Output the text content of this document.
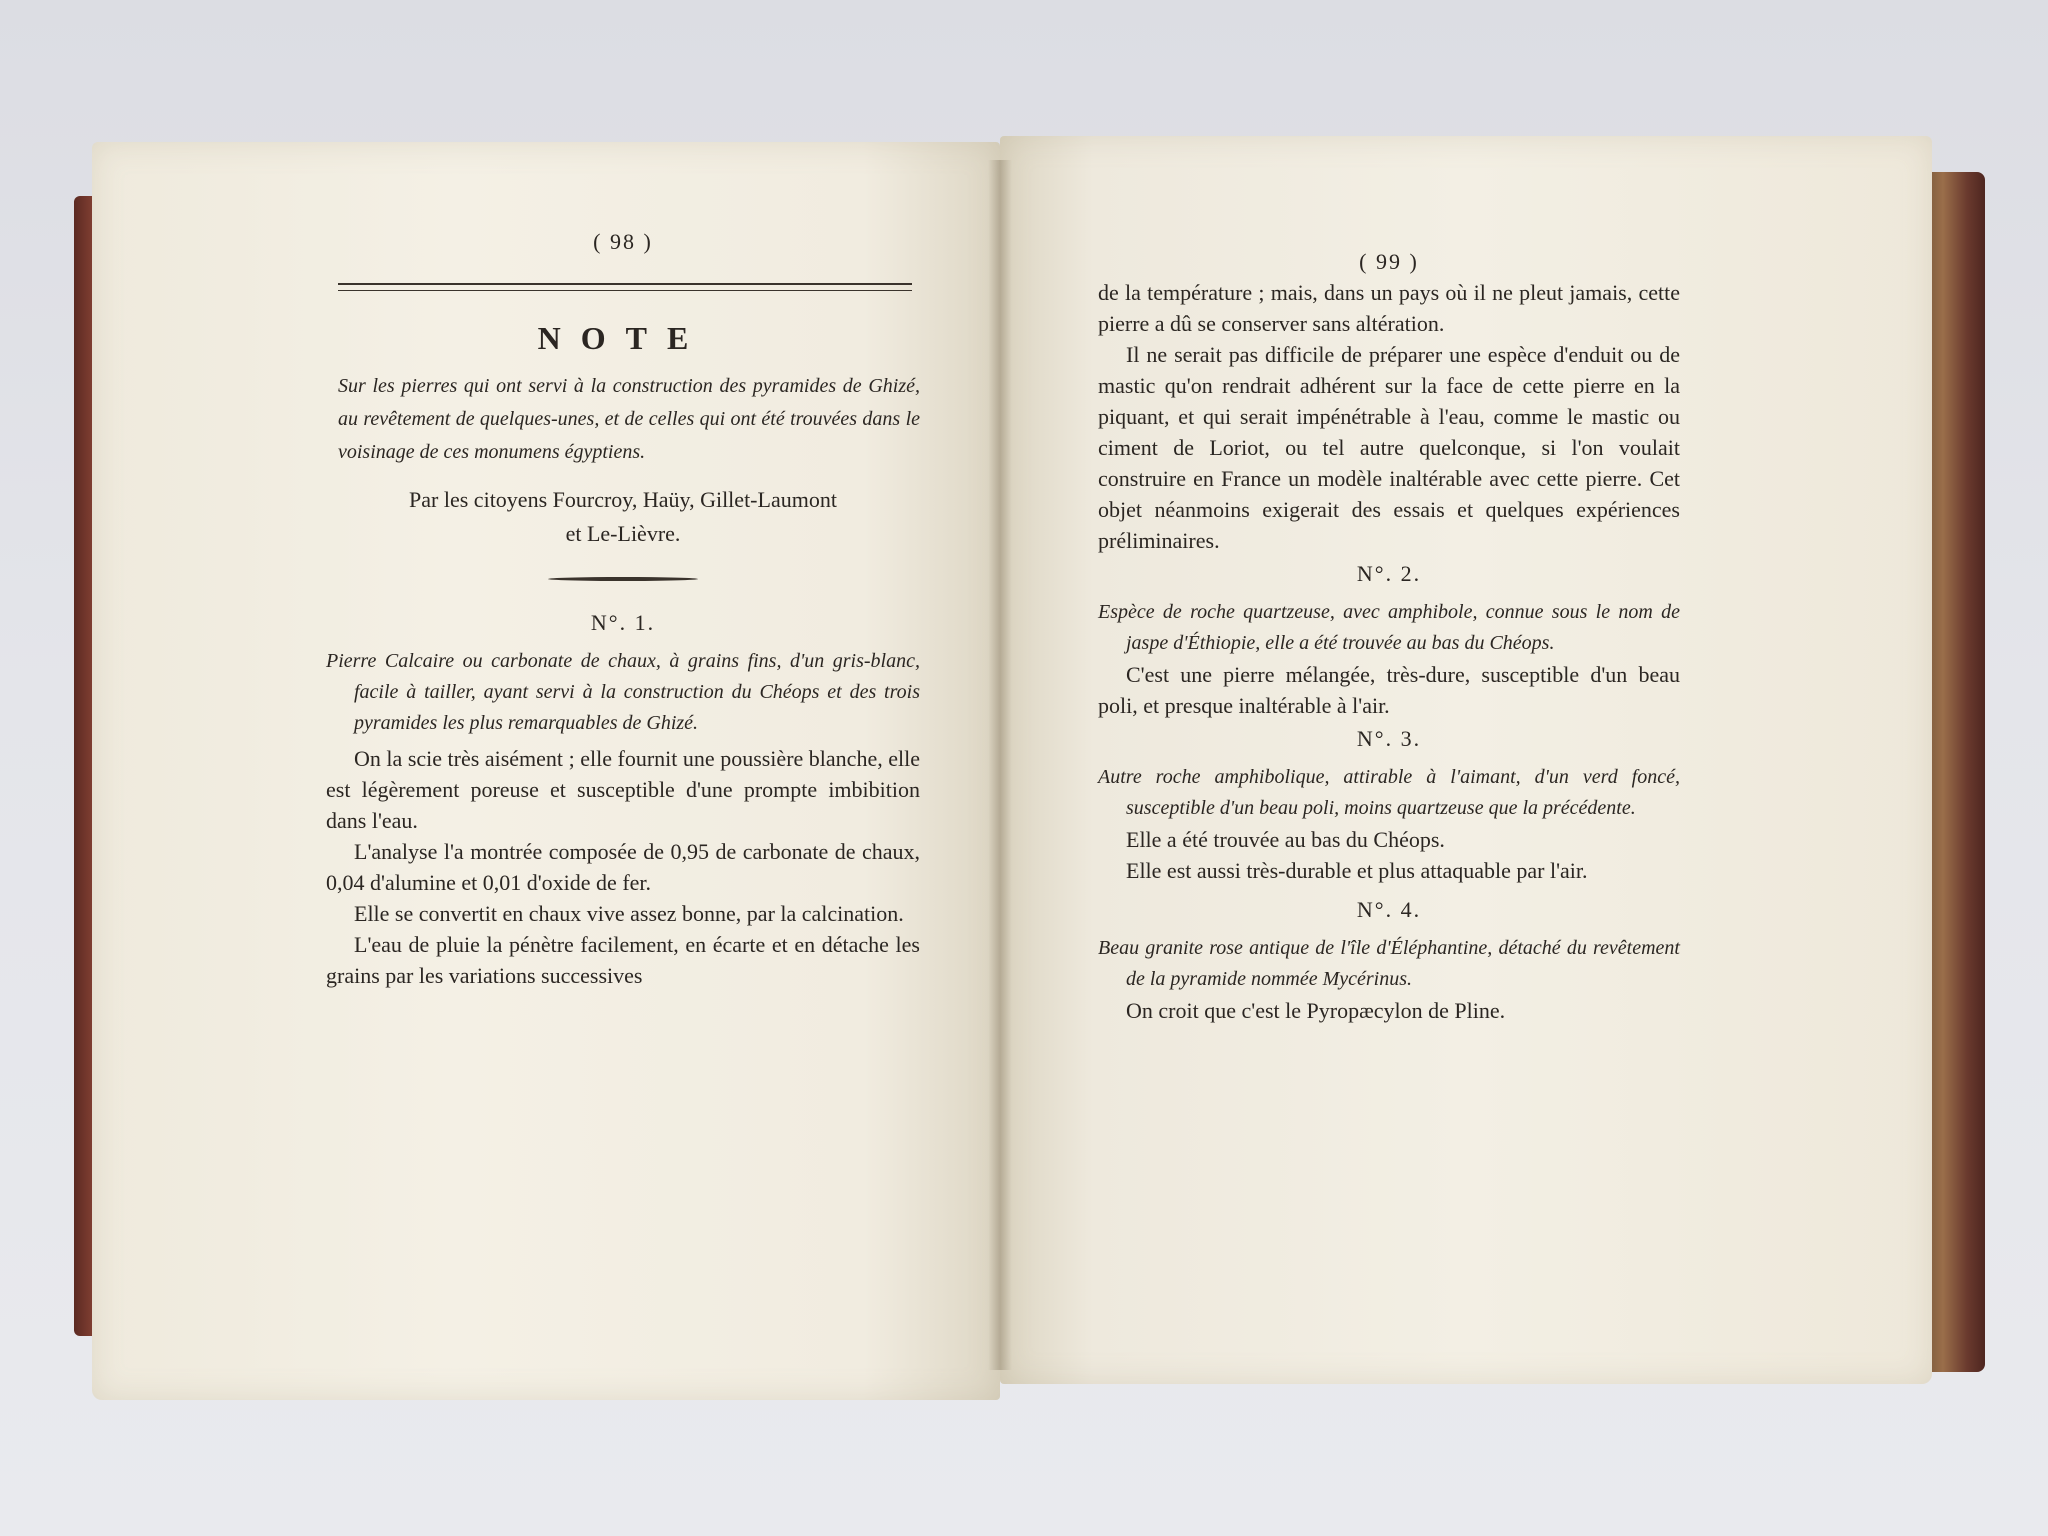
( 98 )
NOTE
Sur les pierres qui ont servi à la construction des pyramides de Ghizé, au revêtement de quelques-unes, et de celles qui ont été trouvées dans le voisinage de ces monumens égyptiens.
Par les citoyens Fourcroy, Haüy, Gillet-Laumont
et Le-Lièvre.
N°. 1.
Pierre Calcaire ou carbonate de chaux, à grains fins, d'un gris-blanc, facile à tailler, ayant servi à la construction du Chéops et des trois pyramides les plus remarquables de Ghizé.

On la scie très aisément ; elle fournit une poussière blanche, elle est légèrement poreuse et susceptible d'une prompte imbibition dans l'eau.

L'analyse l'a montrée composée de 0,95 de carbonate de chaux, 0,04 d'alumine et 0,01 d'oxide de fer.

Elle se convertit en chaux vive assez bonne, par la calcination.

L'eau de pluie la pénètre facilement, en écarte et en détache les grains par les variations successives

( 99 )

de la température ; mais, dans un pays où il ne pleut jamais, cette pierre a dû se conserver sans altération.

Il ne serait pas difficile de préparer une espèce d'enduit ou de mastic qu'on rendrait adhérent sur la face de cette pierre en la piquant, et qui serait impénétrable à l'eau, comme le mastic ou ciment de Loriot, ou tel autre quelconque, si l'on voulait construire en France un modèle inaltérable avec cette pierre. Cet objet néanmoins exigerait des essais et quelques expériences préliminaires.

N°. 2.
Espèce de roche quartzeuse, avec amphibole, connue sous le nom de jaspe d'Éthiopie, elle a été trouvée au bas du Chéops.

C'est une pierre mélangée, très-dure, susceptible d'un beau poli, et presque inaltérable à l'air.

N°. 3.
Autre roche amphibolique, attirable à l'aimant, d'un verd foncé, susceptible d'un beau poli, moins quartzeuse que la précédente.

Elle a été trouvée au bas du Chéops.

Elle est aussi très-durable et plus attaquable par l'air.

N°. 4.
Beau granite rose antique de l'île d'Éléphantine, détaché du revêtement de la pyramide nommée Mycérinus.

On croit que c'est le Pyropæcylon de Pline.
